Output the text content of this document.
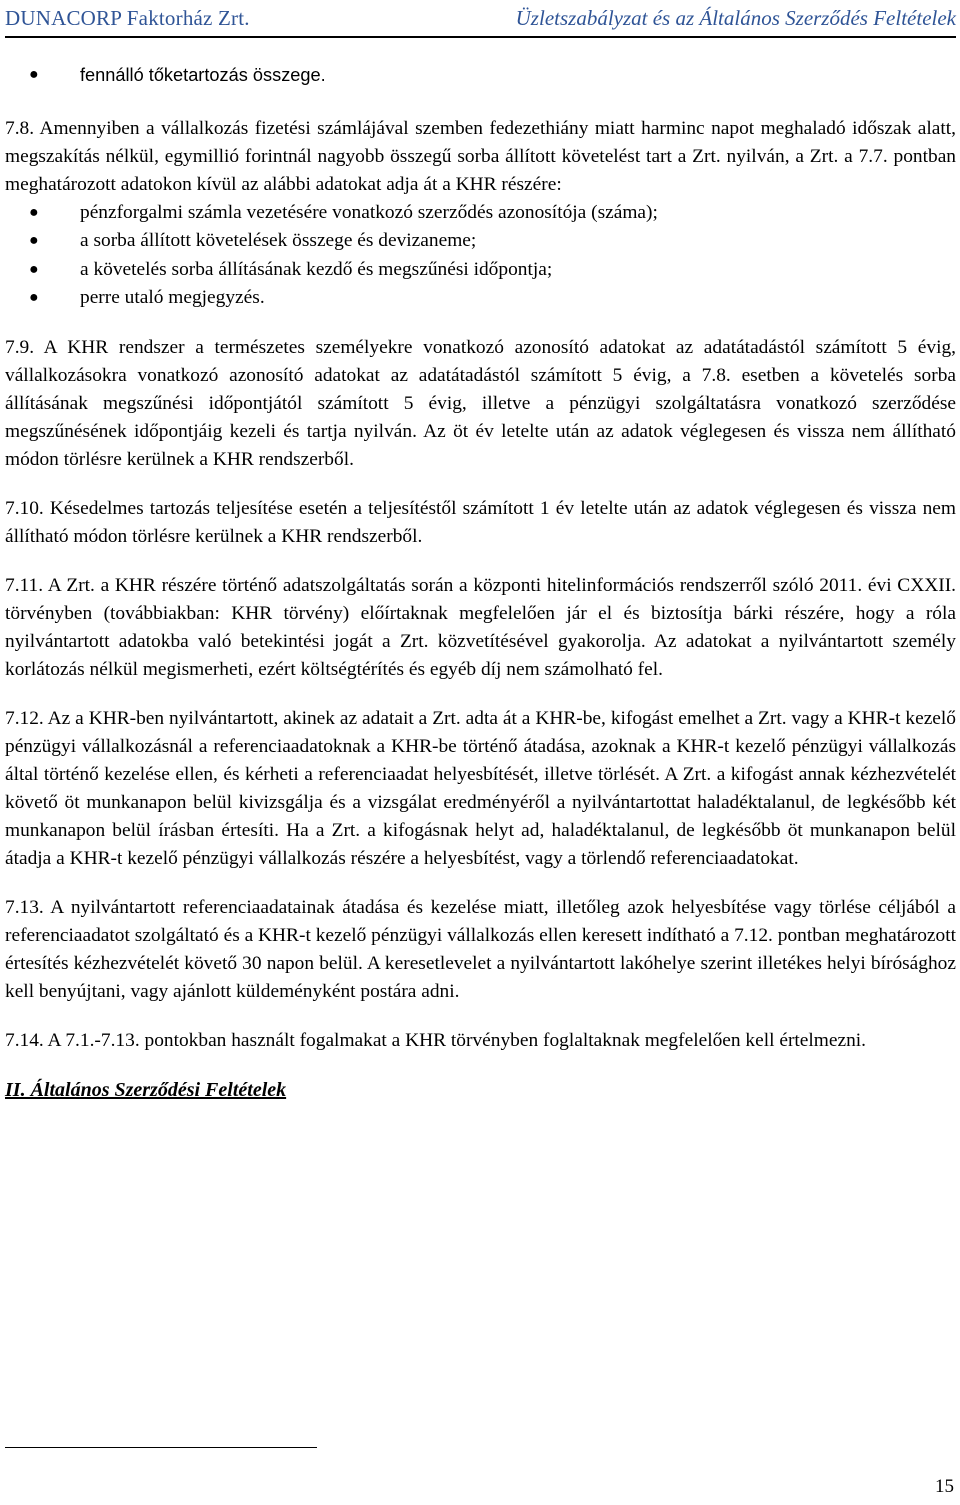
DUNACORP Faktorház Zrt.	Üzletszabályzat és az Általános Szerződés Feltételek
● fennálló tőketartozás összege.

7.8. Amennyiben a vállalkozás fizetési számlájával szemben fedezethiány miatt harminc napot meghaladó időszak alatt, megszakítás nélkül, egymillió forintnál nagyobb összegű sorba állított követelést tart a Zrt. nyilván, a Zrt. a 7.7. pontban meghatározott adatokon kívül az alábbi adatokat adja át a KHR részére:

● pénzforgalmi számla vezetésére vonatkozó szerződés azonosítója (száma);
● a sorba állított követelések összege és devizaneme;
● a követelés sorba állításának kezdő és megszűnési időpontja;
● perre utaló megjegyzés.

7.9. A KHR rendszer a természetes személyekre vonatkozó azonosító adatokat az adatátadástól számított 5 évig, vállalkozásokra vonatkozó azonosító adatokat az adatátadástól számított 5 évig, a 7.8. esetben a követelés sorba állításának megszűnési időpontjától számított 5 évig, illetve a pénzügyi szolgáltatásra vonatkozó szerződése megszűnésének időpontjáig kezeli és tartja nyilván. Az öt év letelte után az adatok véglegesen és vissza nem állítható módon törlésre kerülnek a KHR rendszerből.

7.10. Késedelmes tartozás teljesítése esetén a teljesítéstől számított 1 év letelte után az adatok véglegesen és vissza nem állítható módon törlésre kerülnek a KHR rendszerből.

7.11. A Zrt. a KHR részére történő adatszolgáltatás során a központi hitelinformációs rendszerről szóló 2011. évi CXXII. törvényben (továbbiakban: KHR törvény) előírtaknak megfelelően jár el és biztosítja bárki részére, hogy a róla nyilvántartott adatokba való betekintési jogát a Zrt. közvetítésével gyakorolja. Az adatokat a nyilvántartott személy korlátozás nélkül megismerheti, ezért költségtérítés és egyéb díj nem számolható fel.

7.12. Az a KHR-ben nyilvántartott, akinek az adatait a Zrt. adta át a KHR-be, kifogást emelhet a Zrt. vagy a KHR-t kezelő pénzügyi vállalkozásnál a referenciaadatoknak a KHR-be történő átadása, azoknak a KHR-t kezelő pénzügyi vállalkozás által történő kezelése ellen, és kérheti a referenciaadat helyesbítését, illetve törlését. A Zrt. a kifogást annak kézhezvételét követő öt munkanapon belül kivizsgálja és a vizsgálat eredményéről a nyilvántartottat haladéktalanul, de legkésőbb két munkanapon belül írásban értesíti. Ha a Zrt. a kifogásnak helyt ad, haladéktalanul, de legkésőbb öt munkanapon belül átadja a KHR-t kezelő pénzügyi vállalkozás részére a helyesbítést, vagy a törlendő referenciaadatokat.

7.13. A nyilvántartott referenciaadatainak átadása és kezelése miatt, illetőleg azok helyesbítése vagy törlése céljából a referenciaadatot szolgáltató és a KHR-t kezelő pénzügyi vállalkozás ellen keresett indítható a 7.12. pontban meghatározott értesítés kézhezvételét követő 30 napon belül. A keresetlevelet a nyilvántartott lakóhelye szerint illetékes helyi bírósághoz kell benyújtani, vagy ajánlott küldeményként postára adni.

7.14. A 7.1.-7.13. pontokban használt fogalmakat a KHR törvényben foglaltaknak megfelelően kell értelmezni.

II. Általános Szerződési Feltételek
15
